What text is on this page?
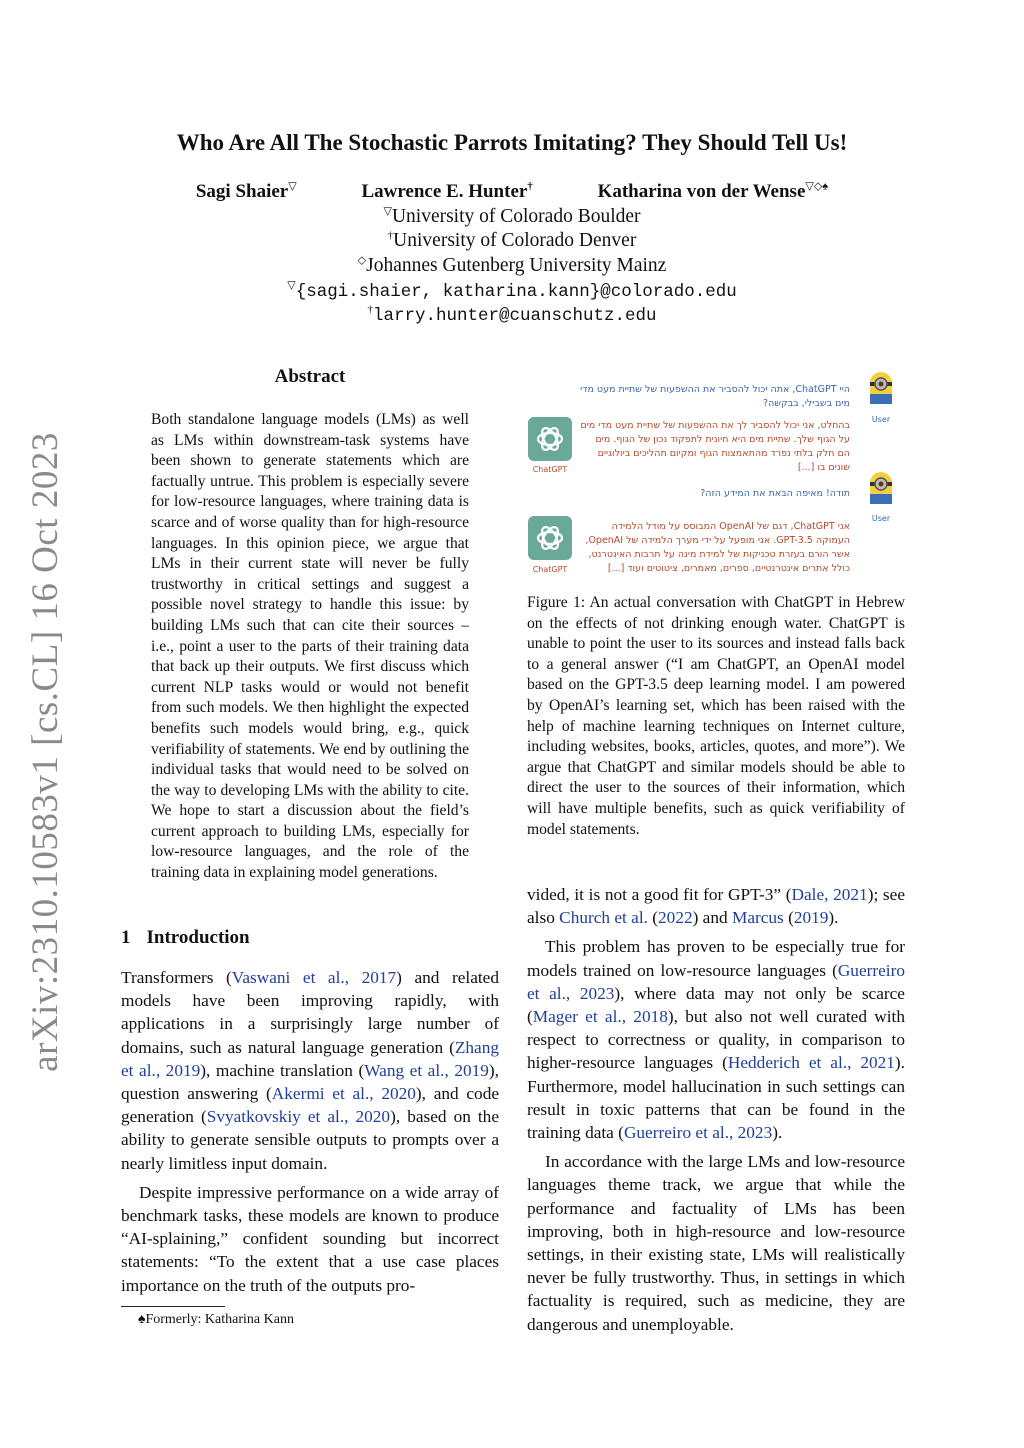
arXiv:2310.10583v1 [cs.CL] 16 Oct 2023
Who Are All The Stochastic Parrots Imitating? They Should Tell Us!
Sagi Shaier▽	Lawrence E. Hunter†	Katharina von der Wense▽◇♠
▽University of Colorado Boulder
†University of Colorado Denver
◇Johannes Gutenberg University Mainz
▽{sagi.shaier, katharina.kann}@colorado.edu
†larry.hunter@cuanschutz.edu
Abstract
Both standalone language models (LMs) as well as LMs within downstream-task systems have been shown to generate statements which are factually untrue. This problem is especially severe for low-resource languages, where training data is scarce and of worse quality than for high-resource languages. In this opinion piece, we argue that LMs in their current state will never be fully trustworthy in critical settings and suggest a possible novel strategy to handle this issue: by building LMs such that can cite their sources – i.e., point a user to the parts of their training data that back up their outputs. We first discuss which current NLP tasks would or would not benefit from such models. We then highlight the expected benefits such models would bring, e.g., quick verifiability of statements. We end by outlining the individual tasks that would need to be solved on the way to developing LMs with the ability to cite. We hope to start a discussion about the field’s current approach to building LMs, especially for low-resource languages, and the role of the training data in explaining model generations.
1 Introduction

Transformers (Vaswani et al., 2017) and related models have been improving rapidly, with applications in a surprisingly large number of domains, such as natural language generation (Zhang et al., 2019), machine translation (Wang et al., 2019), question answering (Akermi et al., 2020), and code generation (Svyatkovskiy et al., 2020), based on the ability to generate sensible outputs to prompts over a nearly limitless input domain.

Despite impressive performance on a wide array of benchmark tasks, these models are known to produce “AI-splaining,” confident sounding but incorrect statements: “To the extent that a use case places importance on the truth of the outputs pro-

♠Formerly: Katharina Kann
User
היי ChatGPT, אתה יכול להסביר את ההשפעות של שתיית מעט מדי מים בשבילי, בבקשה?
ChatGPT
בהחלט, אני יכול להסביר לך את ההשפעות של שתיית מעט מדי מים על הגוף שלך. שתיית מים היא חיונית לתפקוד נכון של הגוף. מים הם חלק בלתי נפרד מהתאמצות הגוף ומקיום תהליכים ביולוגיים שונים בו [...]
User
תודה! מאיפה הבאת את המידע הזה?
ChatGPT
אני ChatGPT, דגם של OpenAI המבוסס על מודל הלמידה העמוקה GPT-3.5. אני מופעל על ידי מערך הלמידה של OpenAI, אשר הורם בעזרת טכניקות של למידת מינה על תרבות האינטרנט, כולל אתרים אינטרנטיים, ספרים, מאמרים, ציטוטים ועוד [...]
Figure 1: An actual conversation with ChatGPT in Hebrew on the effects of not drinking enough water. ChatGPT is unable to point the user to its sources and instead falls back to a general answer (“I am ChatGPT, an OpenAI model based on the GPT-3.5 deep learning model. I am powered by OpenAI’s learning set, which has been raised with the help of machine learning techniques on Internet culture, including websites, books, articles, quotes, and more”). We argue that ChatGPT and similar models should be able to direct the user to the sources of their information, which will have multiple benefits, such as quick verifiability of model statements.

vided, it is not a good fit for GPT-3” (Dale, 2021); see also Church et al. (2022) and Marcus (2019).

This problem has proven to be especially true for models trained on low-resource languages (Guerreiro et al., 2023), where data may not only be scarce (Mager et al., 2018), but also not well curated with respect to correctness or quality, in comparison to higher-resource languages (Hedderich et al., 2021). Furthermore, model hallucination in such settings can result in toxic patterns that can be found in the training data (Guerreiro et al., 2023).

In accordance with the large LMs and low-resource languages theme track, we argue that while the performance and factuality of LMs has been improving, both in high-resource and low-resource settings, in their existing state, LMs will realistically never be fully trustworthy. Thus, in settings in which factuality is required, such as medicine, they are dangerous and unemployable.
